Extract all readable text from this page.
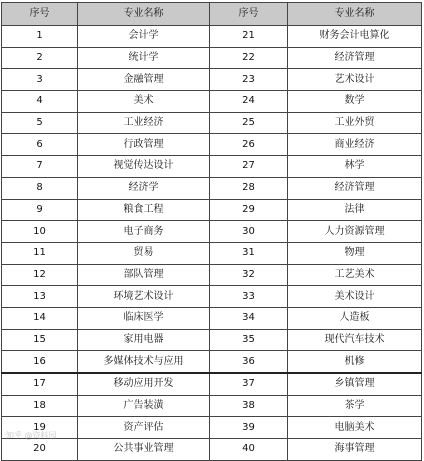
序号	专业名称	序号	专业名称
1	会计学	21	财务会计电算化
2	统计学	22	经济管理
3	金融管理	23	艺术设计
4	美术	24	数学
5	工业经济	25	工业外贸
6	行政管理	26	商业经济
7	视觉传达设计	27	林学
8	经济学	28	经济管理
9	粮食工程	29	法律
10	电子商务	30	人力资源管理
11	贸易	31	物理
12	部队管理	32	工艺美术
13	环境艺术设计	33	美术设计
14	临床医学	34	人造板
15	家用电器	35	现代汽车技术
16	多媒体技术与应用	36	机修
17	移动应用开发	37	乡镇管理
18	广告装潢	38	茶学
19	资产评估	39	电脑美术
20	公共事业管理	40	海事管理
知乎 @资料园
